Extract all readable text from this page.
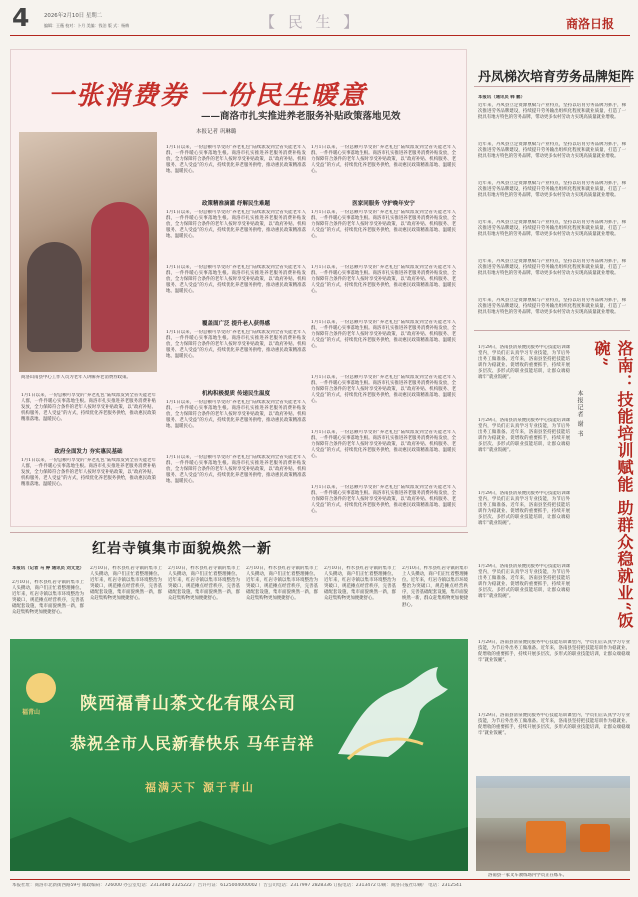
4	2026年2月10日 星期二
编辑：王薇 校对：卜月 美编：钱泊 版 式：杨梅	【 民 生 】	商洛日报
一张消费券 一份民生暖意
——商洛市扎实推进养老服务补贴政策落地见效
本报记者 巩琳璐
商洛山南县中心工作人员为老年人讲解养老消费券政策。
1月1日以来，一份总额可享受的“养老礼包”陆续派发到全省失能老年人群，一件件暖心实事落地生根。商洛市扎实推进养老服务消费补贴发放，全力保障符合条件的老年人按时享受补贴政策，以“政府补贴、机构服务、老人受益”的方式，持续优化养老服务供给，推动惠民政策精准落地、温暖民心。
政策精准滴灌 纾解民生难题
1月1日以来，一份总额可享受的“养老礼包”陆续派发到全省失能老年人群，一件件暖心实事落地生根。商洛市扎实推进养老服务消费补贴发放，全力保障符合条件的老年人按时享受补贴政策，以“政府补贴、机构服务、老人受益”的方式，持续优化养老服务供给，推动惠民政策精准落地、温暖民心。
1月1日以来，一份总额可享受的“养老礼包”陆续派发到全省失能老年人群，一件件暖心实事落地生根。商洛市扎实推进养老服务消费补贴发放，全力保障符合条件的老年人按时享受补贴政策，以“政府补贴、机构服务、老人受益”的方式，持续优化养老服务供给，推动惠民政策精准落地、温暖民心。
医家同服务 守护晚年安宁
1月1日以来，一份总额可享受的“养老礼包”陆续派发到全省失能老年人群，一件件暖心实事落地生根。商洛市扎实推进养老服务消费补贴发放，全力保障符合条件的老年人按时享受补贴政策，以“政府补贴、机构服务、老人受益”的方式，持续优化养老服务供给，推动惠民政策精准落地、温暖民心。
1月1日以来，一份总额可享受的“养老礼包”陆续派发到全省失能老年人群，一件件暖心实事落地生根。商洛市扎实推进养老服务消费补贴发放，全力保障符合条件的老年人按时享受补贴政策，以“政府补贴、机构服务、老人受益”的方式，持续优化养老服务供给，推动惠民政策精准落地、温暖民心。
政府全面发力 夯实惠民基础
1月1日以来，一份总额可享受的“养老礼包”陆续派发到全省失能老年人群，一件件暖心实事落地生根。商洛市扎实推进养老服务消费补贴发放，全力保障符合条件的老年人按时享受补贴政策，以“政府补贴、机构服务、老人受益”的方式，持续优化养老服务供给，推动惠民政策精准落地、温暖民心。
1月1日以来，一份总额可享受的“养老礼包”陆续派发到全省失能老年人群，一件件暖心实事落地生根。商洛市扎实推进养老服务消费补贴发放，全力保障符合条件的老年人按时享受补贴政策，以“政府补贴、机构服务、老人受益”的方式，持续优化养老服务供给，推动惠民政策精准落地、温暖民心。
覆盖面广泛 提升老人获得感
1月1日以来，一份总额可享受的“养老礼包”陆续派发到全省失能老年人群，一件件暖心实事落地生根。商洛市扎实推进养老服务消费补贴发放，全力保障符合条件的老年人按时享受补贴政策，以“政府补贴、机构服务、老人受益”的方式，持续优化养老服务供给，推动惠民政策精准落地、温暖民心。
机构积极提质 传递民生温度
1月1日以来，一份总额可享受的“养老礼包”陆续派发到全省失能老年人群，一件件暖心实事落地生根。商洛市扎实推进养老服务消费补贴发放，全力保障符合条件的老年人按时享受补贴政策，以“政府补贴、机构服务、老人受益”的方式，持续优化养老服务供给，推动惠民政策精准落地、温暖民心。
1月1日以来，一份总额可享受的“养老礼包”陆续派发到全省失能老年人群，一件件暖心实事落地生根。商洛市扎实推进养老服务消费补贴发放，全力保障符合条件的老年人按时享受补贴政策，以“政府补贴、机构服务、老人受益”的方式，持续优化养老服务供给，推动惠民政策精准落地、温暖民心。
1月1日以来，一份总额可享受的“养老礼包”陆续派发到全省失能老年人群，一件件暖心实事落地生根。商洛市扎实推进养老服务消费补贴发放，全力保障符合条件的老年人按时享受补贴政策，以“政府补贴、机构服务、老人受益”的方式，持续优化养老服务供给，推动惠民政策精准落地、温暖民心。
1月1日以来，一份总额可享受的“养老礼包”陆续派发到全省失能老年人群，一件件暖心实事落地生根。商洛市扎实推进养老服务消费补贴发放，全力保障符合条件的老年人按时享受补贴政策，以“政府补贴、机构服务、老人受益”的方式，持续优化养老服务供给，推动惠民政策精准落地、温暖民心。
1月1日以来，一份总额可享受的“养老礼包”陆续派发到全省失能老年人群，一件件暖心实事落地生根。商洛市扎实推进养老服务消费补贴发放，全力保障符合条件的老年人按时享受补贴政策，以“政府补贴、机构服务、老人受益”的方式，持续优化养老服务供给，推动惠民政策精准落地、温暖民心。
1月1日以来，一份总额可享受的“养老礼包”陆续派发到全省失能老年人群，一件件暖心实事落地生根。商洛市扎实推进养老服务消费补贴发放，全力保障符合条件的老年人按时享受补贴政策，以“政府补贴、机构服务、老人受益”的方式，持续优化养老服务供给，推动惠民政策精准落地、温暖民心。
1月1日以来，一份总额可享受的“养老礼包”陆续派发到全省失能老年人群，一件件暖心实事落地生根。商洛市扎实推进养老服务消费补贴发放，全力保障符合条件的老年人按时享受补贴政策，以“政府补贴、机构服务、老人受益”的方式，持续优化养老服务供给，推动惠民政策精准落地、温暖民心。
丹凤梯次培育劳务品牌矩阵
本报讯（通讯员 韩 鹏）
近年来，丹凤县立足资源禀赋与产业特点，坚持以培育劳务品牌为抓手，梯次推进劳务品牌建设，持续提升劳务输出组织化程度和就业质量，打造了一批具有地方特色的劳务品牌，带动更多农村劳动力实现高质量就业增收。
近年来，丹凤县立足资源禀赋与产业特点，坚持以培育劳务品牌为抓手，梯次推进劳务品牌建设，持续提升劳务输出组织化程度和就业质量，打造了一批具有地方特色的劳务品牌，带动更多农村劳动力实现高质量就业增收。
近年来，丹凤县立足资源禀赋与产业特点，坚持以培育劳务品牌为抓手，梯次推进劳务品牌建设，持续提升劳务输出组织化程度和就业质量，打造了一批具有地方特色的劳务品牌，带动更多农村劳动力实现高质量就业增收。
近年来，丹凤县立足资源禀赋与产业特点，坚持以培育劳务品牌为抓手，梯次推进劳务品牌建设，持续提升劳务输出组织化程度和就业质量，打造了一批具有地方特色的劳务品牌，带动更多农村劳动力实现高质量就业增收。
近年来，丹凤县立足资源禀赋与产业特点，坚持以培育劳务品牌为抓手，梯次推进劳务品牌建设，持续提升劳务输出组织化程度和就业质量，打造了一批具有地方特色的劳务品牌，带动更多农村劳动力实现高质量就业增收。
近年来，丹凤县立足资源禀赋与产业特点，坚持以培育劳务品牌为抓手，梯次推进劳务品牌建设，持续提升劳务输出组织化程度和就业质量，打造了一批具有地方特色的劳务品牌，带动更多农村劳动力实现高质量就业增收。
洛南：技能培训赋能 助群众稳就业“饭碗”
本报记者 谢 书
1月29日，洛南县清泉便民服务中心技能培训课堂内，学员们正认真学习专业技能，为节后外出务工做准备。近年来，洛南县坚持把技能培训作为稳就业、促增收的重要抓手，持续开展多层次、多形式的职业技能培训，让群众端稳端牢“就业饭碗”。
1月29日，洛南县清泉便民服务中心技能培训课堂内，学员们正认真学习专业技能，为节后外出务工做准备。近年来，洛南县坚持把技能培训作为稳就业、促增收的重要抓手，持续开展多层次、多形式的职业技能培训，让群众端稳端牢“就业饭碗”。
1月29日，洛南县清泉便民服务中心技能培训课堂内，学员们正认真学习专业技能，为节后外出务工做准备。近年来，洛南县坚持把技能培训作为稳就业、促增收的重要抓手，持续开展多层次、多形式的职业技能培训，让群众端稳端牢“就业饭碗”。
1月29日，洛南县清泉便民服务中心技能培训课堂内，学员们正认真学习专业技能，为节后外出务工做准备。近年来，洛南县坚持把技能培训作为稳就业、促增收的重要抓手，持续开展多层次、多形式的职业技能培训，让群众端稳端牢“就业饭碗”。
1月29日，洛南县清泉便民服务中心技能培训课堂内，学员们正认真学习专业技能，为节后外出务工做准备。近年来，洛南县坚持把技能培训作为稳就业、促增收的重要抓手，持续开展多层次、多形式的职业技能培训，让群众端稳端牢“就业饭碗”。
1月29日，洛南县清泉便民服务中心技能培训课堂内，学员们正认真学习专业技能，为节后外出务工做准备。近年来，洛南县坚持把技能培训作为稳就业、促增收的重要抓手，持续开展多层次、多形式的职业技能培训，让群众端稳端牢“就业饭碗”。
洛南县一家叉车教练场内学员正在练车。
红岩寺镇集市面貌焕然一新
本报讯（记者 马 婷 通讯员 刘文龙）
2月10日，柞水县红岩寺镇的集市上人头攒动，商户们正忙着整理摊位。近年来，红岩寺镇以集市环境整治为突破口，规范摊点经营秩序，完善基础配套设施，集市面貌焕然一新，群众赶集购物更加便捷舒心。
2月10日，柞水县红岩寺镇的集市上人头攒动，商户们正忙着整理摊位。近年来，红岩寺镇以集市环境整治为突破口，规范摊点经营秩序，完善基础配套设施，集市面貌焕然一新，群众赶集购物更加便捷舒心。
2月10日，柞水县红岩寺镇的集市上人头攒动，商户们正忙着整理摊位。近年来，红岩寺镇以集市环境整治为突破口，规范摊点经营秩序，完善基础配套设施，集市面貌焕然一新，群众赶集购物更加便捷舒心。
2月10日，柞水县红岩寺镇的集市上人头攒动，商户们正忙着整理摊位。近年来，红岩寺镇以集市环境整治为突破口，规范摊点经营秩序，完善基础配套设施，集市面貌焕然一新，群众赶集购物更加便捷舒心。
2月10日，柞水县红岩寺镇的集市上人头攒动，商户们正忙着整理摊位。近年来，红岩寺镇以集市环境整治为突破口，规范摊点经营秩序，完善基础配套设施，集市面貌焕然一新，群众赶集购物更加便捷舒心。
2月10日，柞水县红岩寺镇的集市上人头攒动，商户们正忙着整理摊位。近年来，红岩寺镇以集市环境整治为突破口，规范摊点经营秩序，完善基础配套设施，集市面貌焕然一新，群众赶集购物更加便捷舒心。
福青山 陕西福青山茶文化有限公司
恭祝全市人民新春快乐 马年吉祥
福满天下 源于青山
本报社址：商洛市北新街西路59号 邮政编码：726000 办公室电话：2313480 2325222 广告许可证：6125004000002 广告公司电话：2317997 2828336 订报电话：2313472 印刷：商洛日报社印刷厂 电话：2312541
